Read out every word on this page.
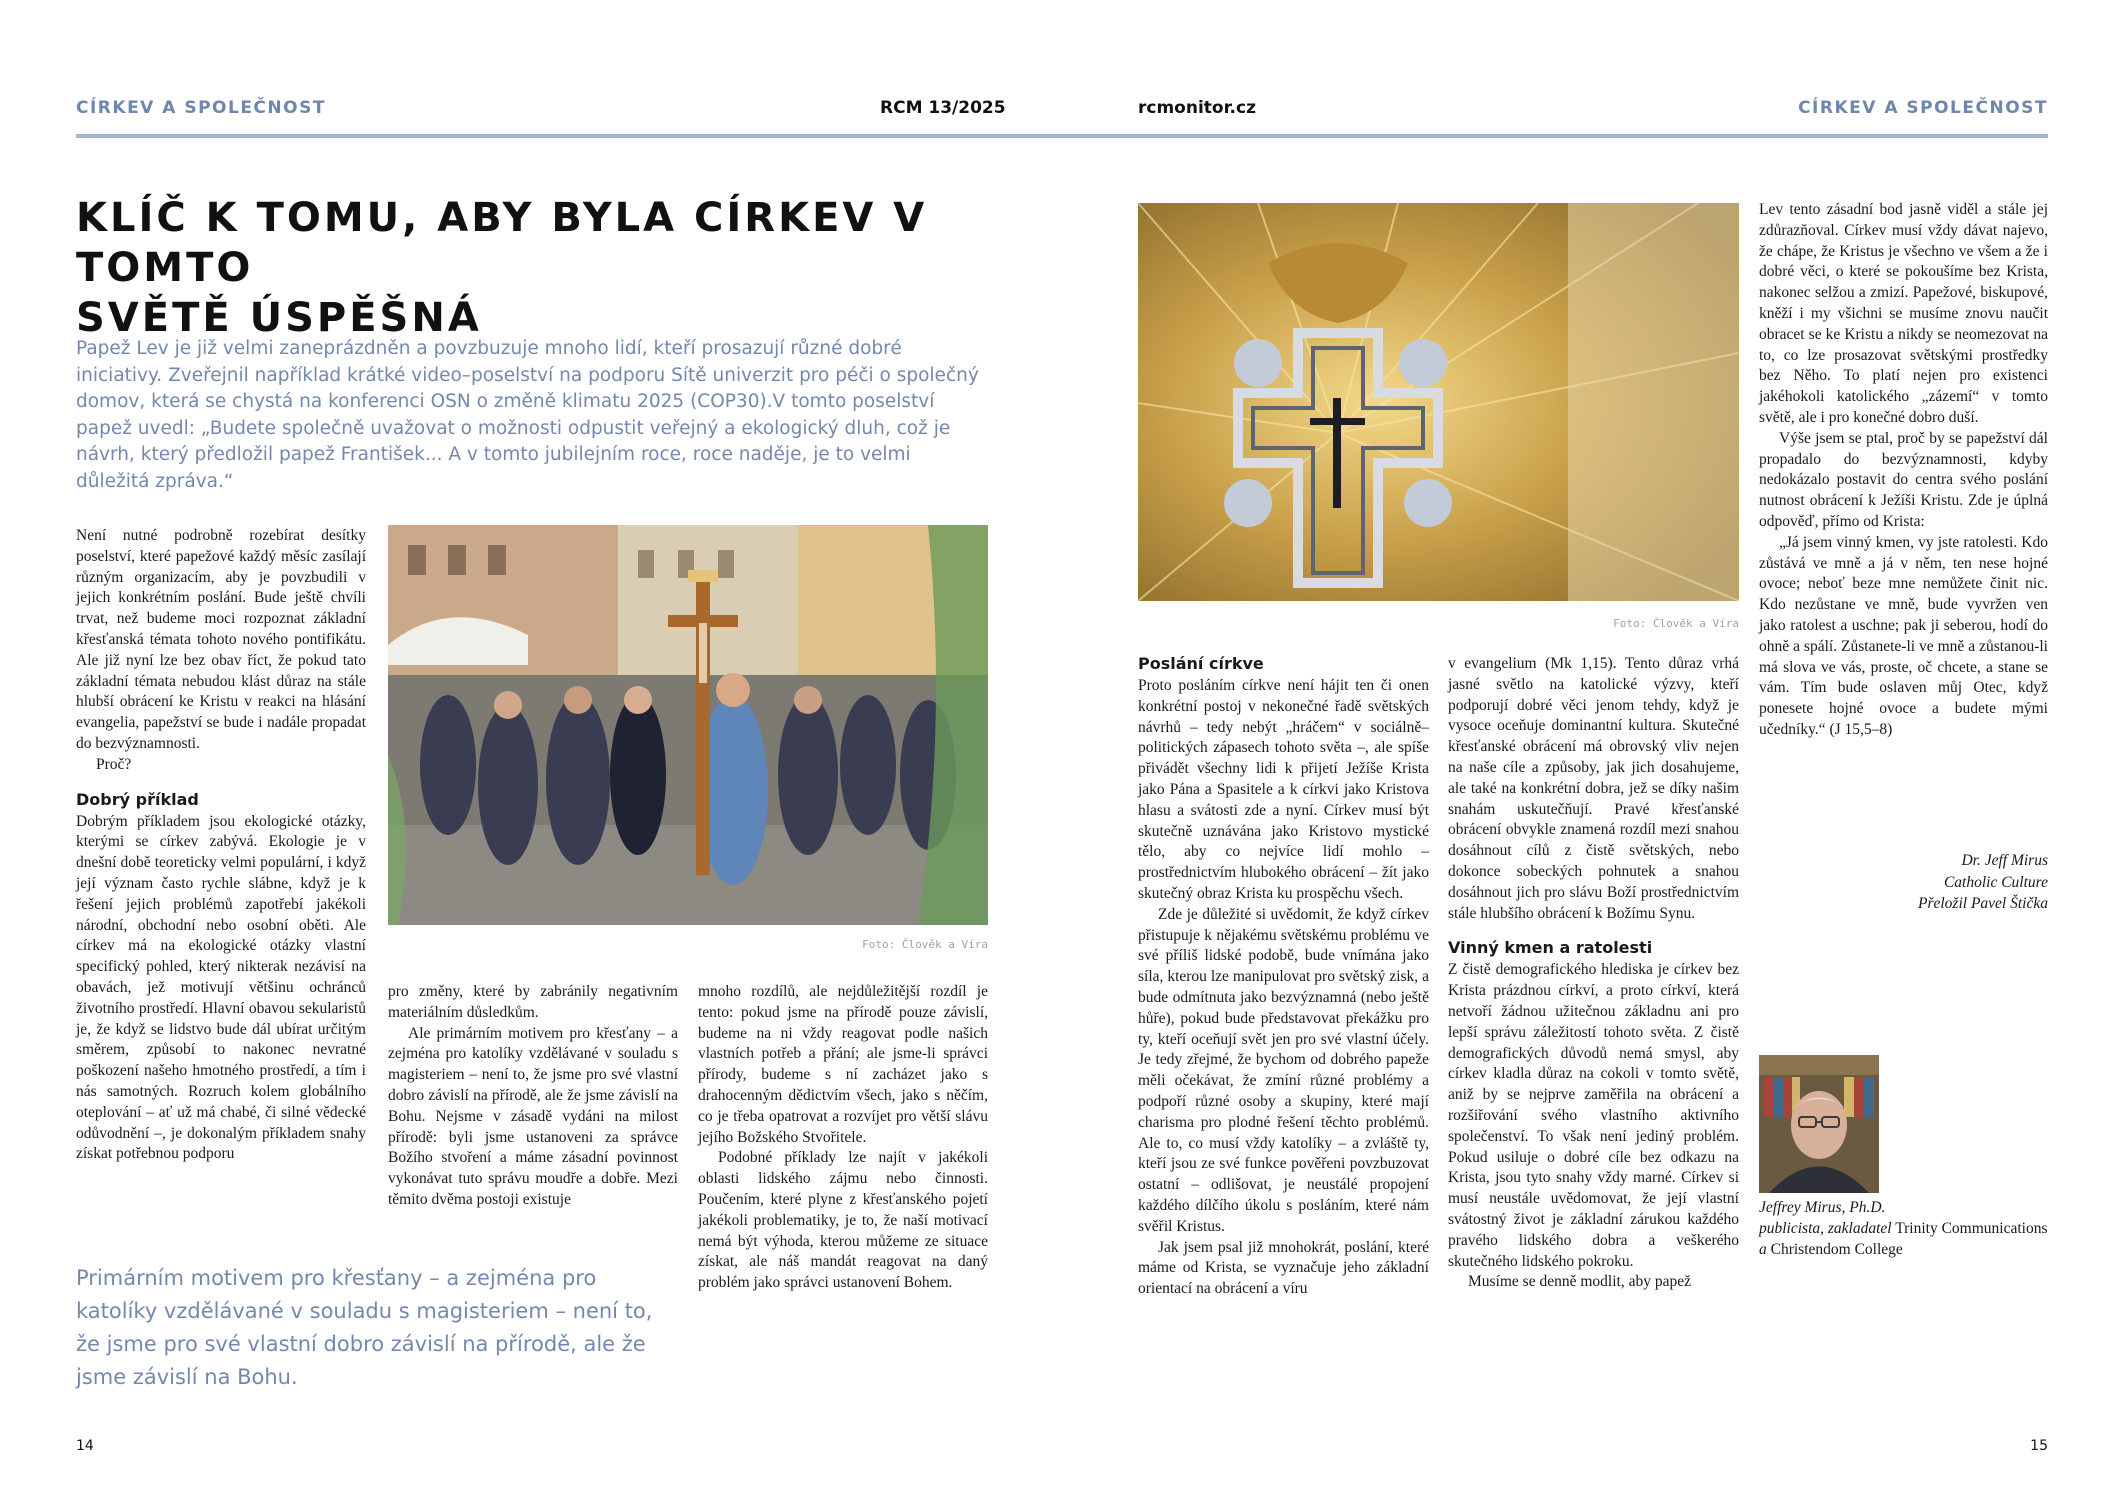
CÍRKEV A SPOLEČNOST	RCM 13/2025	rcmonitor.cz	CÍRKEV A SPOLEČNOST
KLÍČ K TOMU, ABY BYLA CÍRKEV V TOMTO
SVĚTĚ ÚSPĚŠNÁ
Papež Lev je již velmi zaneprázdněn a povzbuzuje mnoho lidí, kteří prosazují různé dobré iniciativy. Zveřejnil například krátké video–poselství na podporu Sítě univerzit pro péči o společný domov, která se chystá na konferenci OSN o změně klimatu 2025 (COP30).V tomto poselství papež uvedl: „Budete společně uvažovat o možnosti odpustit veřejný a ekologický dluh, což je návrh, který předložil papež František... A v tomto jubilejním roce, roce naděje, je to velmi důležitá zpráva.“

Není nutné podrobně rozebírat desítky poselství, které papežové každý měsíc zasílají různým organizacím, aby je povzbudili v jejich konkrétním poslání. Bude ještě chvíli trvat, než budeme moci rozpoznat základní křesťanská témata tohoto nového pontifikátu. Ale již nyní lze bez obav říct, že pokud tato základní témata nebudou klást důraz na stále hlubší obrácení ke Kristu v reakci na hlásání evangelia, papežství se bude i nadále propadat do bezvýznamnosti.

Proč?

Dobrý příklad

Dobrým příkladem jsou ekologické otázky, kterými se církev zabývá. Ekologie je v dnešní době teoreticky velmi populární, i když její význam často rychle slábne, když je k řešení jejich problémů zapotřebí jakékoli národní, obchodní nebo osobní oběti. Ale církev má na ekologické otázky vlastní specifický pohled, který nikterak nezávisí na obavách, jež motivují většinu ochránců životního prostředí. Hlavní obavou sekularistů je, že když se lidstvo bude dál ubírat určitým směrem, způsobí to nakonec nevratné poškození našeho hmotného prostředí, a tím i nás samotných. Rozruch kolem globálního oteplování – ať už má chabé, či silné vědecké odůvodnění –, je dokonalým příkladem snahy získat potřebnou podporu

Foto: Člověk a Víra

pro změny, které by zabránily negativním materiálním důsledkům.

Ale primárním motivem pro křesťany – a zejména pro katolíky vzdělávané v souladu s magisteriem – není to, že jsme pro své vlastní dobro závislí na přírodě, ale že jsme závislí na Bohu. Nejsme v zásadě vydáni na milost přírodě: byli jsme ustanoveni za správce Božího stvoření a máme zásadní povinnost vykonávat tuto správu moudře a dobře. Mezi těmito dvěma postoji existuje

mnoho rozdílů, ale nejdůležitější rozdíl je tento: pokud jsme na přírodě pouze závislí, budeme na ni vždy reagovat podle našich vlastních potřeb a přání; ale jsme-li správci přírody, budeme s ní zacházet jako s drahocenným dědictvím všech, jako s něčím, co je třeba opatrovat a rozvíjet pro větší slávu jejího Božského Stvořitele.

Podobné příklady lze najít v jakékoli oblasti lidského zájmu nebo činnosti. Poučením, které plyne z křesťanského pojetí jakékoli problematiky, je to, že naší motivací nemá být výhoda, kterou můžeme ze situace získat, ale náš mandát reagovat na daný problém jako správci ustanovení Bohem.

Primárním motivem pro křesťany – a zejména pro katolíky vzdělávané v souladu s magisteriem – není to, že jsme pro své vlastní dobro závislí na přírodě, ale že jsme závislí na Bohu.
14
Foto: Člověk a Víra
Poslání církve

Proto posláním církve není hájit ten či onen konkrétní postoj v nekonečné řadě světských návrhů – tedy nebýt „hráčem“ v sociálně–politických zápasech tohoto světa –, ale spíše přivádět všechny lidi k přijetí Ježíše Krista jako Pána a Spasitele a k církvi jako Kristova hlasu a svátosti zde a nyní. Církev musí být skutečně uznávána jako Kristovo mystické tělo, aby co nejvíce lidí mohlo – prostřednictvím hlubokého obrácení – žít jako skutečný obraz Krista ku prospěchu všech.

Zde je důležité si uvědomit, že když církev přistupuje k nějakému světskému problému ve své příliš lidské podobě, bude vnímána jako síla, kterou lze manipulovat pro světský zisk, a bude odmítnuta jako bezvýznamná (nebo ještě hůře), pokud bude představovat překážku pro ty, kteří oceňují svět jen pro své vlastní účely. Je tedy zřejmé, že bychom od dobrého papeže měli očekávat, že zmíní různé problémy a podpoří různé osoby a skupiny, které mají charisma pro plodné řešení těchto problémů. Ale to, co musí vždy katolíky – a zvláště ty, kteří jsou ze své funkce pověřeni povzbuzovat ostatní – odlišovat, je neustálé propojení každého dílčího úkolu s posláním, které nám svěřil Kristus.

Jak jsem psal již mnohokrát, poslání, které máme od Krista, se vyznačuje jeho základní orientací na obrácení a víru

v evangelium (Mk 1,15). Tento důraz vrhá jasné světlo na katolické výzvy, kteří podporují dobré věci jenom tehdy, když je vysoce oceňuje dominantní kultura. Skutečné křesťanské obrácení má obrovský vliv nejen na naše cíle a způsoby, jak jich dosahujeme, ale také na konkrétní dobra, jež se díky našim snahám uskutečňují. Pravé křesťanské obrácení obvykle znamená rozdíl mezi snahou dosáhnout cílů z čistě světských, nebo dokonce sobeckých pohnutek a snahou dosáhnout jich pro slávu Boží prostřednictvím stále hlubšího obrácení k Božímu Synu.

Vinný kmen a ratolesti

Z čistě demografického hlediska je církev bez Krista prázdnou církví, a proto církví, která netvoří žádnou užitečnou základnu ani pro lepší správu záležitostí tohoto světa. Z čistě demografických důvodů nemá smysl, aby církev kladla důraz na cokoli v tomto světě, aniž by se nejprve zaměřila na obrácení a rozšiřování svého vlastního aktivního společenství. To však není jediný problém. Pokud usiluje o dobré cíle bez odkazu na Krista, jsou tyto snahy vždy marné. Církev si musí neustále uvědomovat, že její vlastní svátostný život je základní zárukou každého pravého lidského dobra a veškerého skutečného lidského pokroku.

Musíme se denně modlit, aby papež

Lev tento zásadní bod jasně viděl a stále jej zdůrazňoval. Církev musí vždy dávat najevo, že chápe, že Kristus je všechno ve všem a že i dobré věci, o které se pokoušíme bez Krista, nakonec selžou a zmizí. Papežové, biskupové, kněží i my všichni se musíme znovu naučit obracet se ke Kristu a nikdy se neomezovat na to, co lze prosazovat světskými prostředky bez Něho. To platí nejen pro existenci jakéhokoli katolického „zázemí“ v tomto světě, ale i pro konečné dobro duší.

Výše jsem se ptal, proč by se papežství dál propadalo do bezvýznamnosti, kdyby nedokázalo postavit do centra svého poslání nutnost obrácení k Ježíši Kristu. Zde je úplná odpověď, přímo od Krista:

„Já jsem vinný kmen, vy jste ratolesti. Kdo zůstává ve mně a já v něm, ten nese hojné ovoce; neboť beze mne nemůžete činit nic. Kdo nezůstane ve mně, bude vyvržen ven jako ratolest a uschne; pak ji seberou, hodí do ohně a spálí. Zůstanete-li ve mně a zůstanou-li má slova ve vás, proste, oč chcete, a stane se vám. Tím bude oslaven můj Otec, když ponesete hojné ovoce a budete mými učedníky.“ (J 15,5–8)

Dr. Jeff Mirus
Catholic Culture
Přeložil Pavel Štička
Jeffrey Mirus, Ph.D.
publicista, zakladatel Trinity Communications a Christendom College
15
